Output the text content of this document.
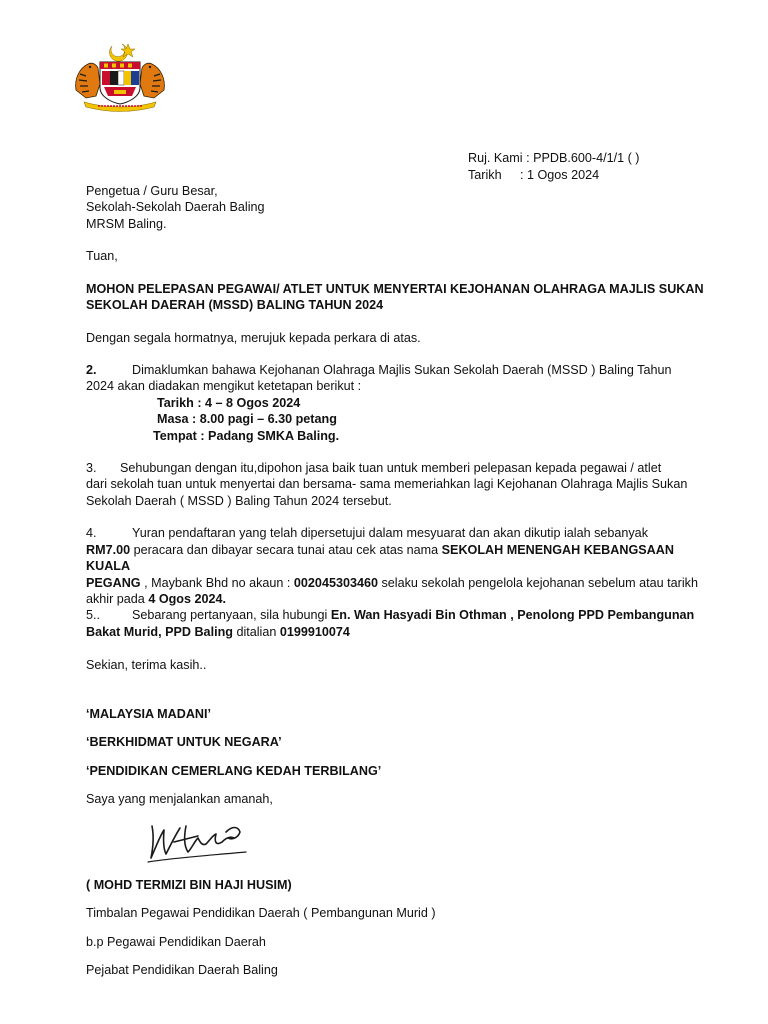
Ruj. Kami : PPDB.600-4/1/1 ( )
Tarikh : 1 Ogos 2024
Pengetua / Guru Besar,
Sekolah-Sekolah Daerah Baling
MRSM Baling.
Tuan,
MOHON PELEPASAN PEGAWAI/ ATLET UNTUK MENYERTAI KEJOHANAN OLAHRAGA MAJLIS SUKAN
SEKOLAH DAERAH (MSSD) BALING TAHUN 2024
Dengan segala hormatnya, merujuk kepada perkara di atas.
2.	Dimaklumkan bahawa Kejohanan Olahraga Majlis Sukan Sekolah Daerah (MSSD ) Baling Tahun
2024 akan diadakan mengikut ketetapan berikut :
Tarikh : 4 – 8 Ogos 2024
Masa : 8.00 pagi – 6.30 petang
Tempat : Padang SMKA Baling.
3. Sehubungan dengan itu,dipohon jasa baik tuan untuk memberi pelepasan kepada pegawai / atlet
dari sekolah tuan untuk menyertai dan bersama- sama memeriahkan lagi Kejohanan Olahraga Majlis Sukan
Sekolah Daerah ( MSSD ) Baling Tahun 2024 tersebut.
4.	Yuran pendaftaran yang telah dipersetujui dalam mesyuarat dan akan dikutip ialah sebanyak
RM7.00 peracara dan dibayar secara tunai atau cek atas nama SEKOLAH MENENGAH KEBANGSAAN KUALA
PEGANG , Maybank Bhd no akaun : 002045303460 selaku sekolah pengelola kejohanan sebelum atau tarikh
akhir pada 4 Ogos 2024.
5..	Sebarang pertanyaan, sila hubungi En. Wan Hasyadi Bin Othman , Penolong PPD Pembangunan
Bakat Murid, PPD Baling ditalian 0199910074
Sekian, terima kasih..
‘MALAYSIA MADANI’
‘BERKHIDMAT UNTUK NEGARA’
‘PENDIDIKAN CEMERLANG KEDAH TERBILANG’
Saya yang menjalankan amanah,
( MOHD TERMIZI BIN HAJI HUSIM)
Timbalan Pegawai Pendidikan Daerah ( Pembangunan Murid )
b.p Pegawai Pendidikan Daerah
Pejabat Pendidikan Daerah Baling
